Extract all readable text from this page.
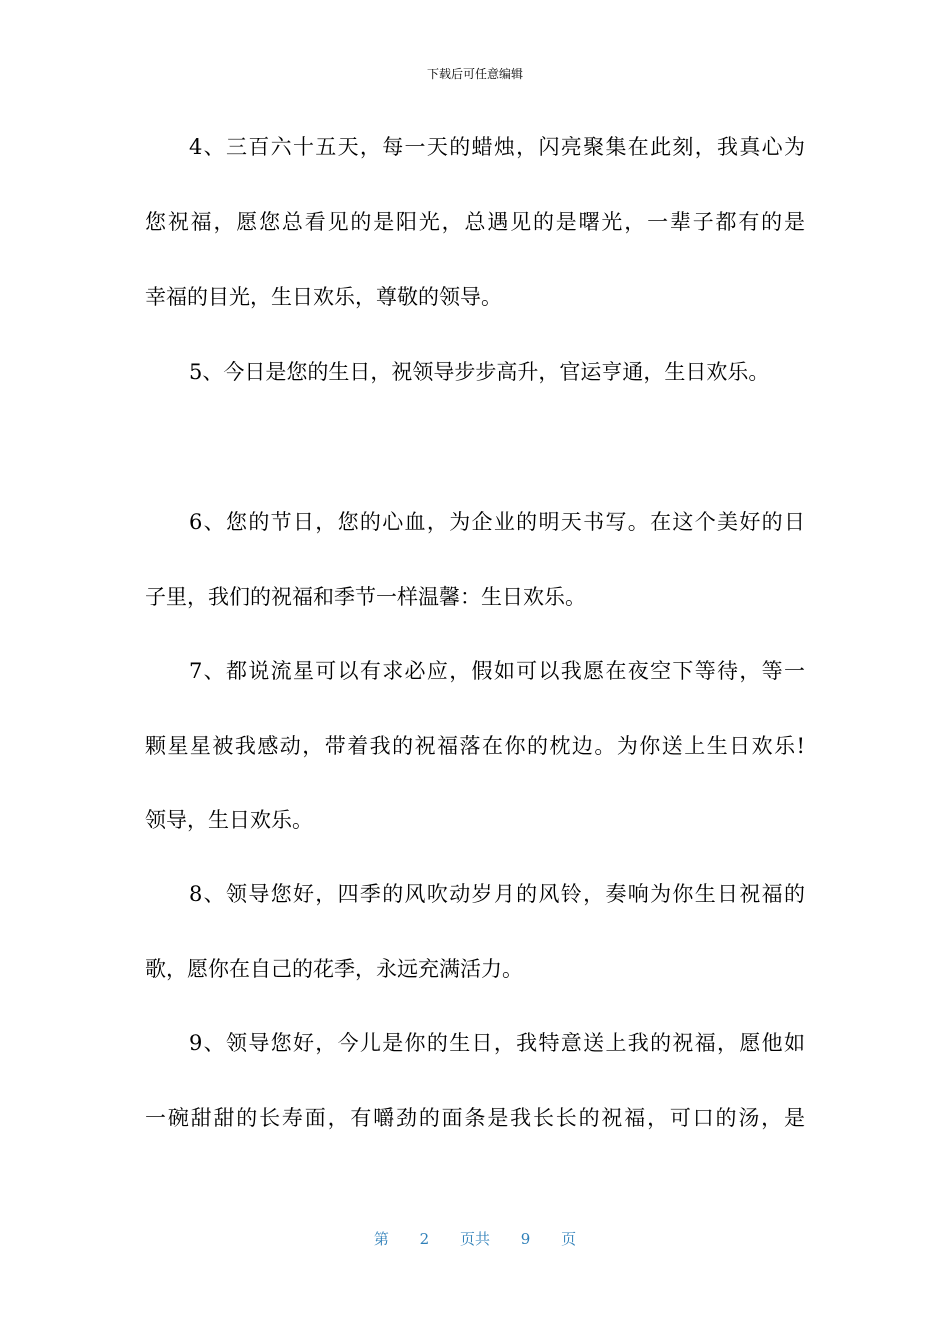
下载后可任意编辑
4、三百六十五天，每一天的蜡烛，闪亮聚集在此刻，我真心为
您祝福，愿您总看见的是阳光，总遇见的是曙光，一辈子都有的是
幸福的目光，生日欢乐，尊敬的领导。
5、今日是您的生日，祝领导步步高升，官运亨通，生日欢乐。
6、您的节日，您的心血，为企业的明天书写。在这个美好的日
子里，我们的祝福和季节一样温馨：生日欢乐。
7、都说流星可以有求必应，假如可以我愿在夜空下等待，等一
颗星星被我感动，带着我的祝福落在你的枕边。为你送上生日欢乐!
领导，生日欢乐。
8、领导您好，四季的风吹动岁月的风铃，奏响为你生日祝福的
歌，愿你在自己的花季，永远充满活力。
9、领导您好，今儿是你的生日，我特意送上我的祝福，愿他如
一碗甜甜的长寿面，有嚼劲的面条是我长长的祝福，可口的汤，是
第 2 页共 9 页
